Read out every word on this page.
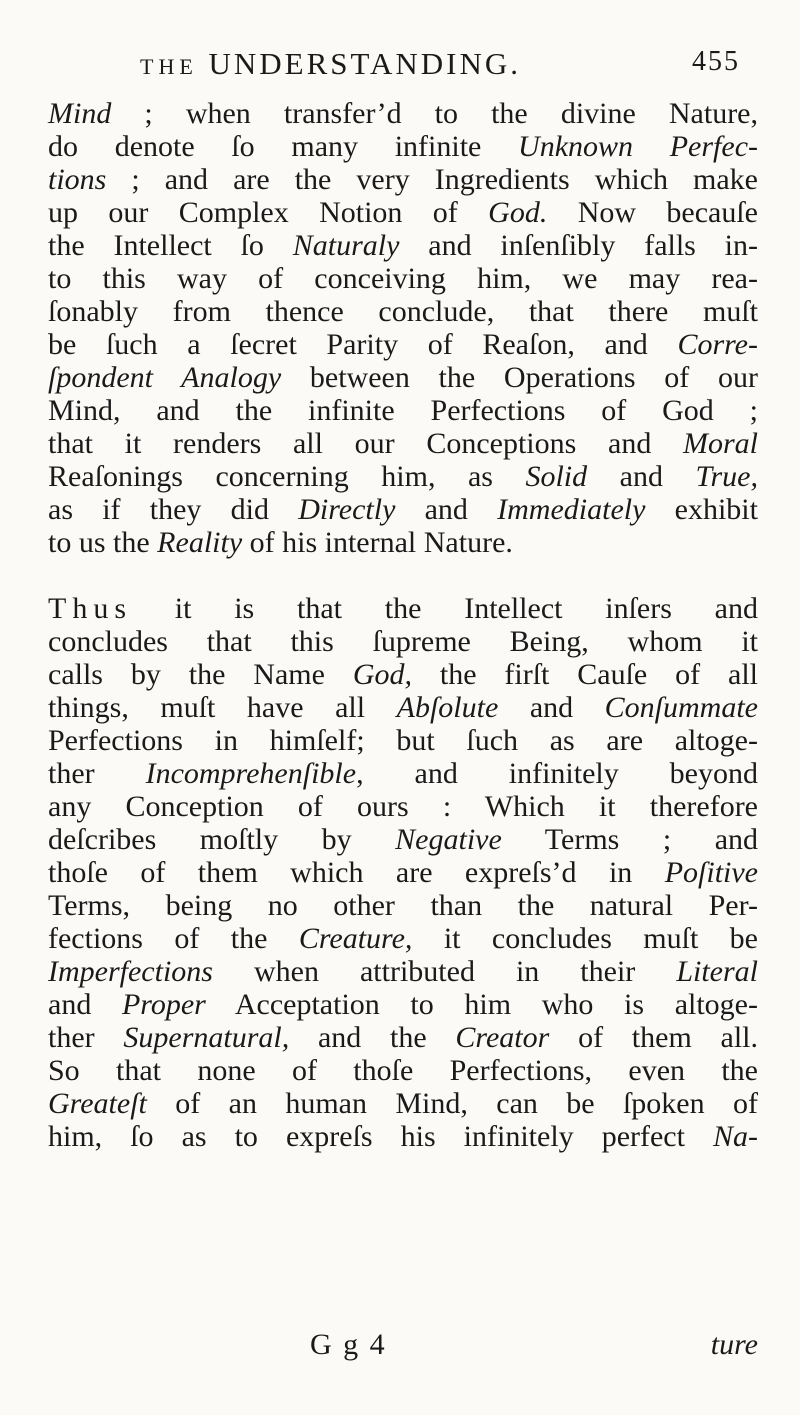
THE UNDERSTANDING.	455
Mind ; when transfer’d to the divine Nature,
do denote ſo many infinite Unknown Perfec-
tions ; and are the very Ingredients which make
up our Complex Notion of God. Now becauſe
the Intellect ſo Naturaly and inſenſibly falls in-
to this way of conceiving him, we may rea-
ſonably from thence conclude, that there muſt
be ſuch a ſecret Parity of Reaſon, and Corre-
ſpondent Analogy between the Operations of our
Mind, and the infinite Perfections of God ;
that it renders all our Conceptions and Moral
Reaſonings concerning him, as Solid and True,
as if they did Directly and Immediately exhibit
to us the Reality of his internal Nature.
Thus it is that the Intellect inſers and
concludes that this ſupreme Being, whom it
calls by the Name God, the firſt Cauſe of all
things, muſt have all Abſolute and Conſummate
Perfections in himſelf; but ſuch as are altoge-
ther Incomprehenſible, and infinitely beyond
any Conception of ours : Which it therefore
deſcribes moſtly by Negative Terms ; and
thoſe of them which are expreſs’d in Poſitive
Terms, being no other than the natural Per-
fections of the Creature, it concludes muſt be
Imperfections when attributed in their Literal
and Proper Acceptation to him who is altoge-
ther Supernatural, and the Creator of them all.
So that none of thoſe Perfections, even the
Greateſt of an human Mind, can be ſpoken of
him, ſo as to expreſs his infinitely perfect Na-
G g 4	ture
